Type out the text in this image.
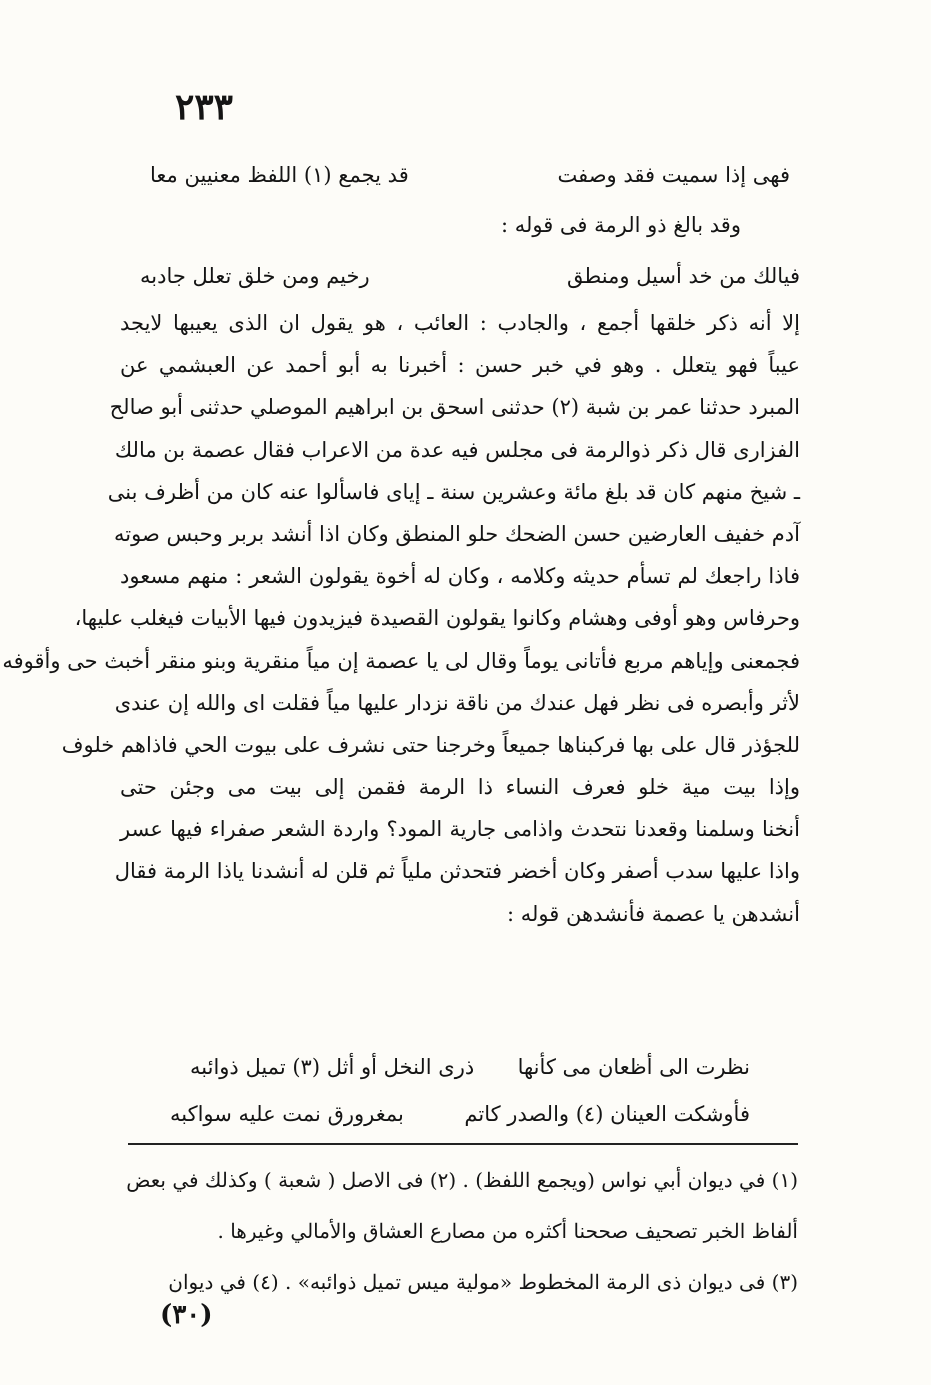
٢٣٣
فهى إذا سميت فقد وصفت
قد يجمع (١) اللفظ معنيين معا
وقد بالغ ذو الرمة فى قوله :
فيالك من خد أسيل ومنطق
رخيم ومن خلق تعلل جادبه
إلا أنه ذكر خلقها أجمع ، والجادب : العائب ، هو يقول ان الذى يعيبها لايجد
عيباً فهو يتعلل . وهو في خبر حسن : أخبرنا به أبو أحمد عن العبشمي عن
المبرد حدثنا عمر بن شبة (٢) حدثنى اسحق بن ابراهيم الموصلي حدثنى أبو صالح
الفزارى قال ذكر ذوالرمة فى مجلس فيه عدة من الاعراب فقال عصمة بن مالك
ـ شيخ منهم كان قد بلغ مائة وعشرين سنة ـ إياى فاسألوا عنه كان من أظرف بنى
آدم خفيف العارضين حسن الضحك حلو المنطق وكان اذا أنشد بربر وحبس صوته
فاذا راجعك لم تسأم حديثه وكلامه ، وكان له أخوة يقولون الشعر : منهم مسعود
وحرفاس وهو أوفى وهشام وكانوا يقولون القصيدة فيزيدون فيها الأبيات فيغلب عليها،
فجمعنى وإياهم مربع فأتانى يوماً وقال لى يا عصمة إن مياً منقرية وبنو منقر أخبث حى وأقوفه
لأثر وأبصره فى نظر فهل عندك من ناقة نزدار عليها مياً فقلت اى والله إن عندى
للجؤذر قال على بها فركبناها جميعاً وخرجنا حتى نشرف على بيوت الحي فاذاهم خلوف
وإذا بيت مية خلو فعرف النساء ذا الرمة فقمن إلى بيت مى وجئن حتى
أنخنا وسلمنا وقعدنا نتحدث واذامى جارية المود؟ واردة الشعر صفراء فيها عسر
واذا عليها سدب أصفر وكان أخضر فتحدثن ملياً ثم قلن له أنشدنا ياذا الرمة فقال
أنشدهن يا عصمة فأنشدهن قوله :
نظرت الى أظعان مى كأنها
ذرى النخل أو أثل (٣) تميل ذوائبه
فأوشكت العينان (٤) والصدر كاتم
بمغرورق نمت عليه سواكبه
(١) في ديوان أبي نواس (ويجمع اللفظ) . (٢) فى الاصل ( شعبة ) وكذلك في بعض
ألفاظ الخبر تصحيف صححنا أكثره من مصارع العشاق والأمالي وغيرها .
(٣) فى ديوان ذى الرمة المخطوط «مولية ميس تميل ذوائبه» . (٤) في ديوان
(٣٠)
